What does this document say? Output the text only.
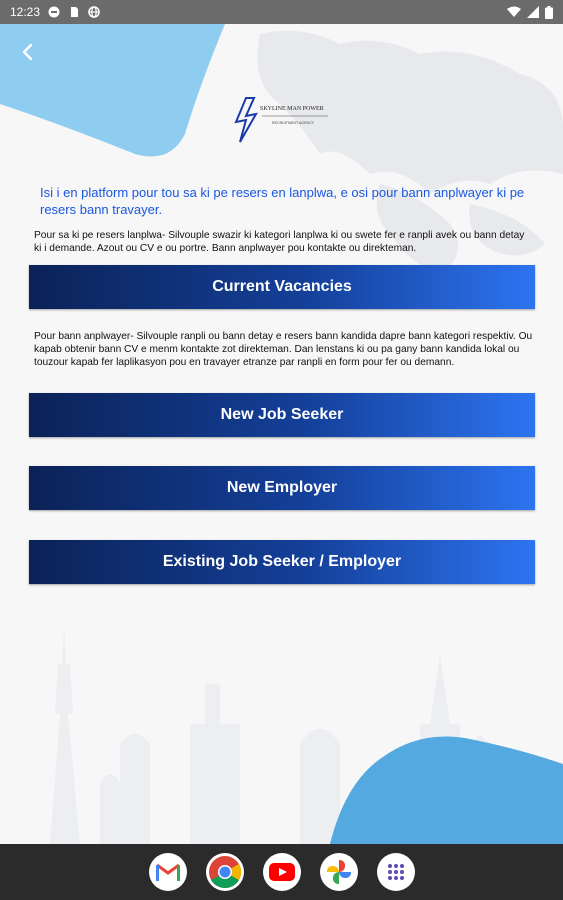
12:23
SKYLINE MAN POWER
RECRUITMENT AGENCY

Isi i en platform pour tou sa ki pe resers en lanplwa, e osi pour bann anplwayer ki pe resers bann travayer.

Pour sa ki pe resers lanplwa- Silvouple swazir ki kategori lanplwa ki ou swete fer e ranpli avek ou bann detay ki i demande. Azout ou CV e ou portre. Bann anplwayer pou kontakte ou direkteman.

Current Vacancies

Pour bann anplwayer- Silvouple ranpli ou bann detay e resers bann kandida dapre bann kategori respektiv. Ou kapab obtenir bann CV e menm kontakte zot direkteman. Dan lenstans ki ou pa gany bann kandida lokal ou touzour kapab fer laplikasyon pou en travayer etranze par ranpli en form pour fer ou demann.

New Job Seeker
New Employer
Existing Job Seeker / Employer
